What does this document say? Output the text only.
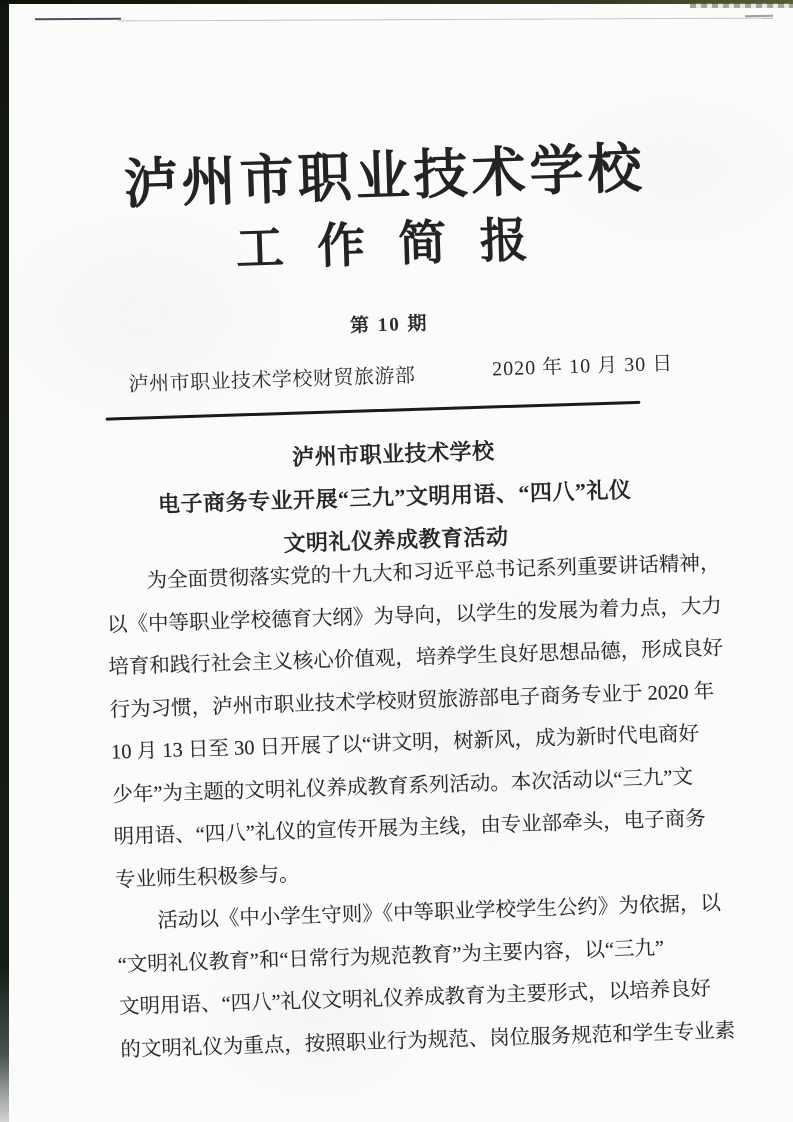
泸州市职业技术学校
工 作 简 报
第 10 期
泸州市职业技术学校财贸旅游部	2020 年 10 月 30 日
泸州市职业技术学校
电子商务专业开展“三九”文明用语、“四八”礼仪
文明礼仪养成教育活动
为全面贯彻落实党的十九大和习近平总书记系列重要讲话精神，
以《中等职业学校德育大纲》为导向，以学生的发展为着力点，大力
培育和践行社会主义核心价值观，培养学生良好思想品德，形成良好
行为习惯，泸州市职业技术学校财贸旅游部电子商务专业于 2020 年
10 月 13 日至 30 日开展了以“讲文明，树新风，成为新时代电商好
少年”为主题的文明礼仪养成教育系列活动。本次活动以“三九”文
明用语、“四八”礼仪的宣传开展为主线，由专业部牵头，电子商务
专业师生积极参与。
活动以《中小学生守则》《中等职业学校学生公约》为依据，以
“文明礼仪教育”和“日常行为规范教育”为主要内容，以“三九”
文明用语、“四八”礼仪文明礼仪养成教育为主要形式，以培养良好
的文明礼仪为重点，按照职业行为规范、岗位服务规范和学生专业素
